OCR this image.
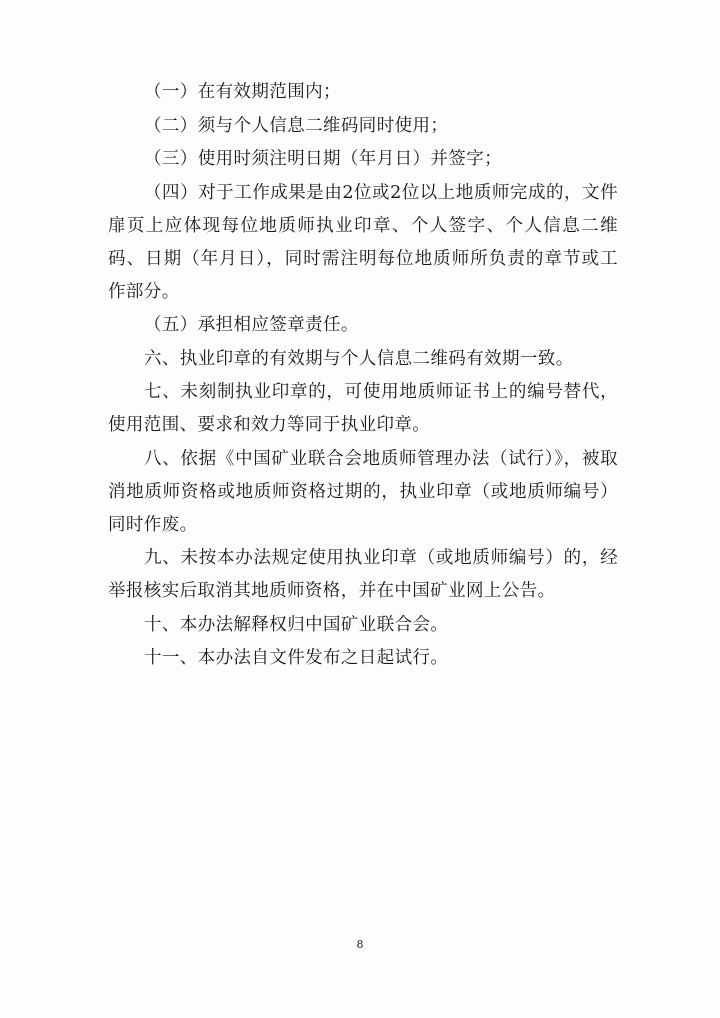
（一）在有效期范围内；

（二）须与个人信息二维码同时使用；

（三）使用时须注明日期（年月日）并签字；

（四）对于工作成果是由2位或2位以上地质师完成的，文件扉页上应体现每位地质师执业印章、个人签字、个人信息二维码、日期（年月日），同时需注明每位地质师所负责的章节或工作部分。

（五）承担相应签章责任。

六、执业印章的有效期与个人信息二维码有效期一致。

七、未刻制执业印章的，可使用地质师证书上的编号替代，使用范围、要求和效力等同于执业印章。

八、依据《中国矿业联合会地质师管理办法（试行）》，被取消地质师资格或地质师资格过期的，执业印章（或地质师编号）同时作废。

九、未按本办法规定使用执业印章（或地质师编号）的，经举报核实后取消其地质师资格，并在中国矿业网上公告。

十、本办法解释权归中国矿业联合会。

十一、本办法自文件发布之日起试行。

8
